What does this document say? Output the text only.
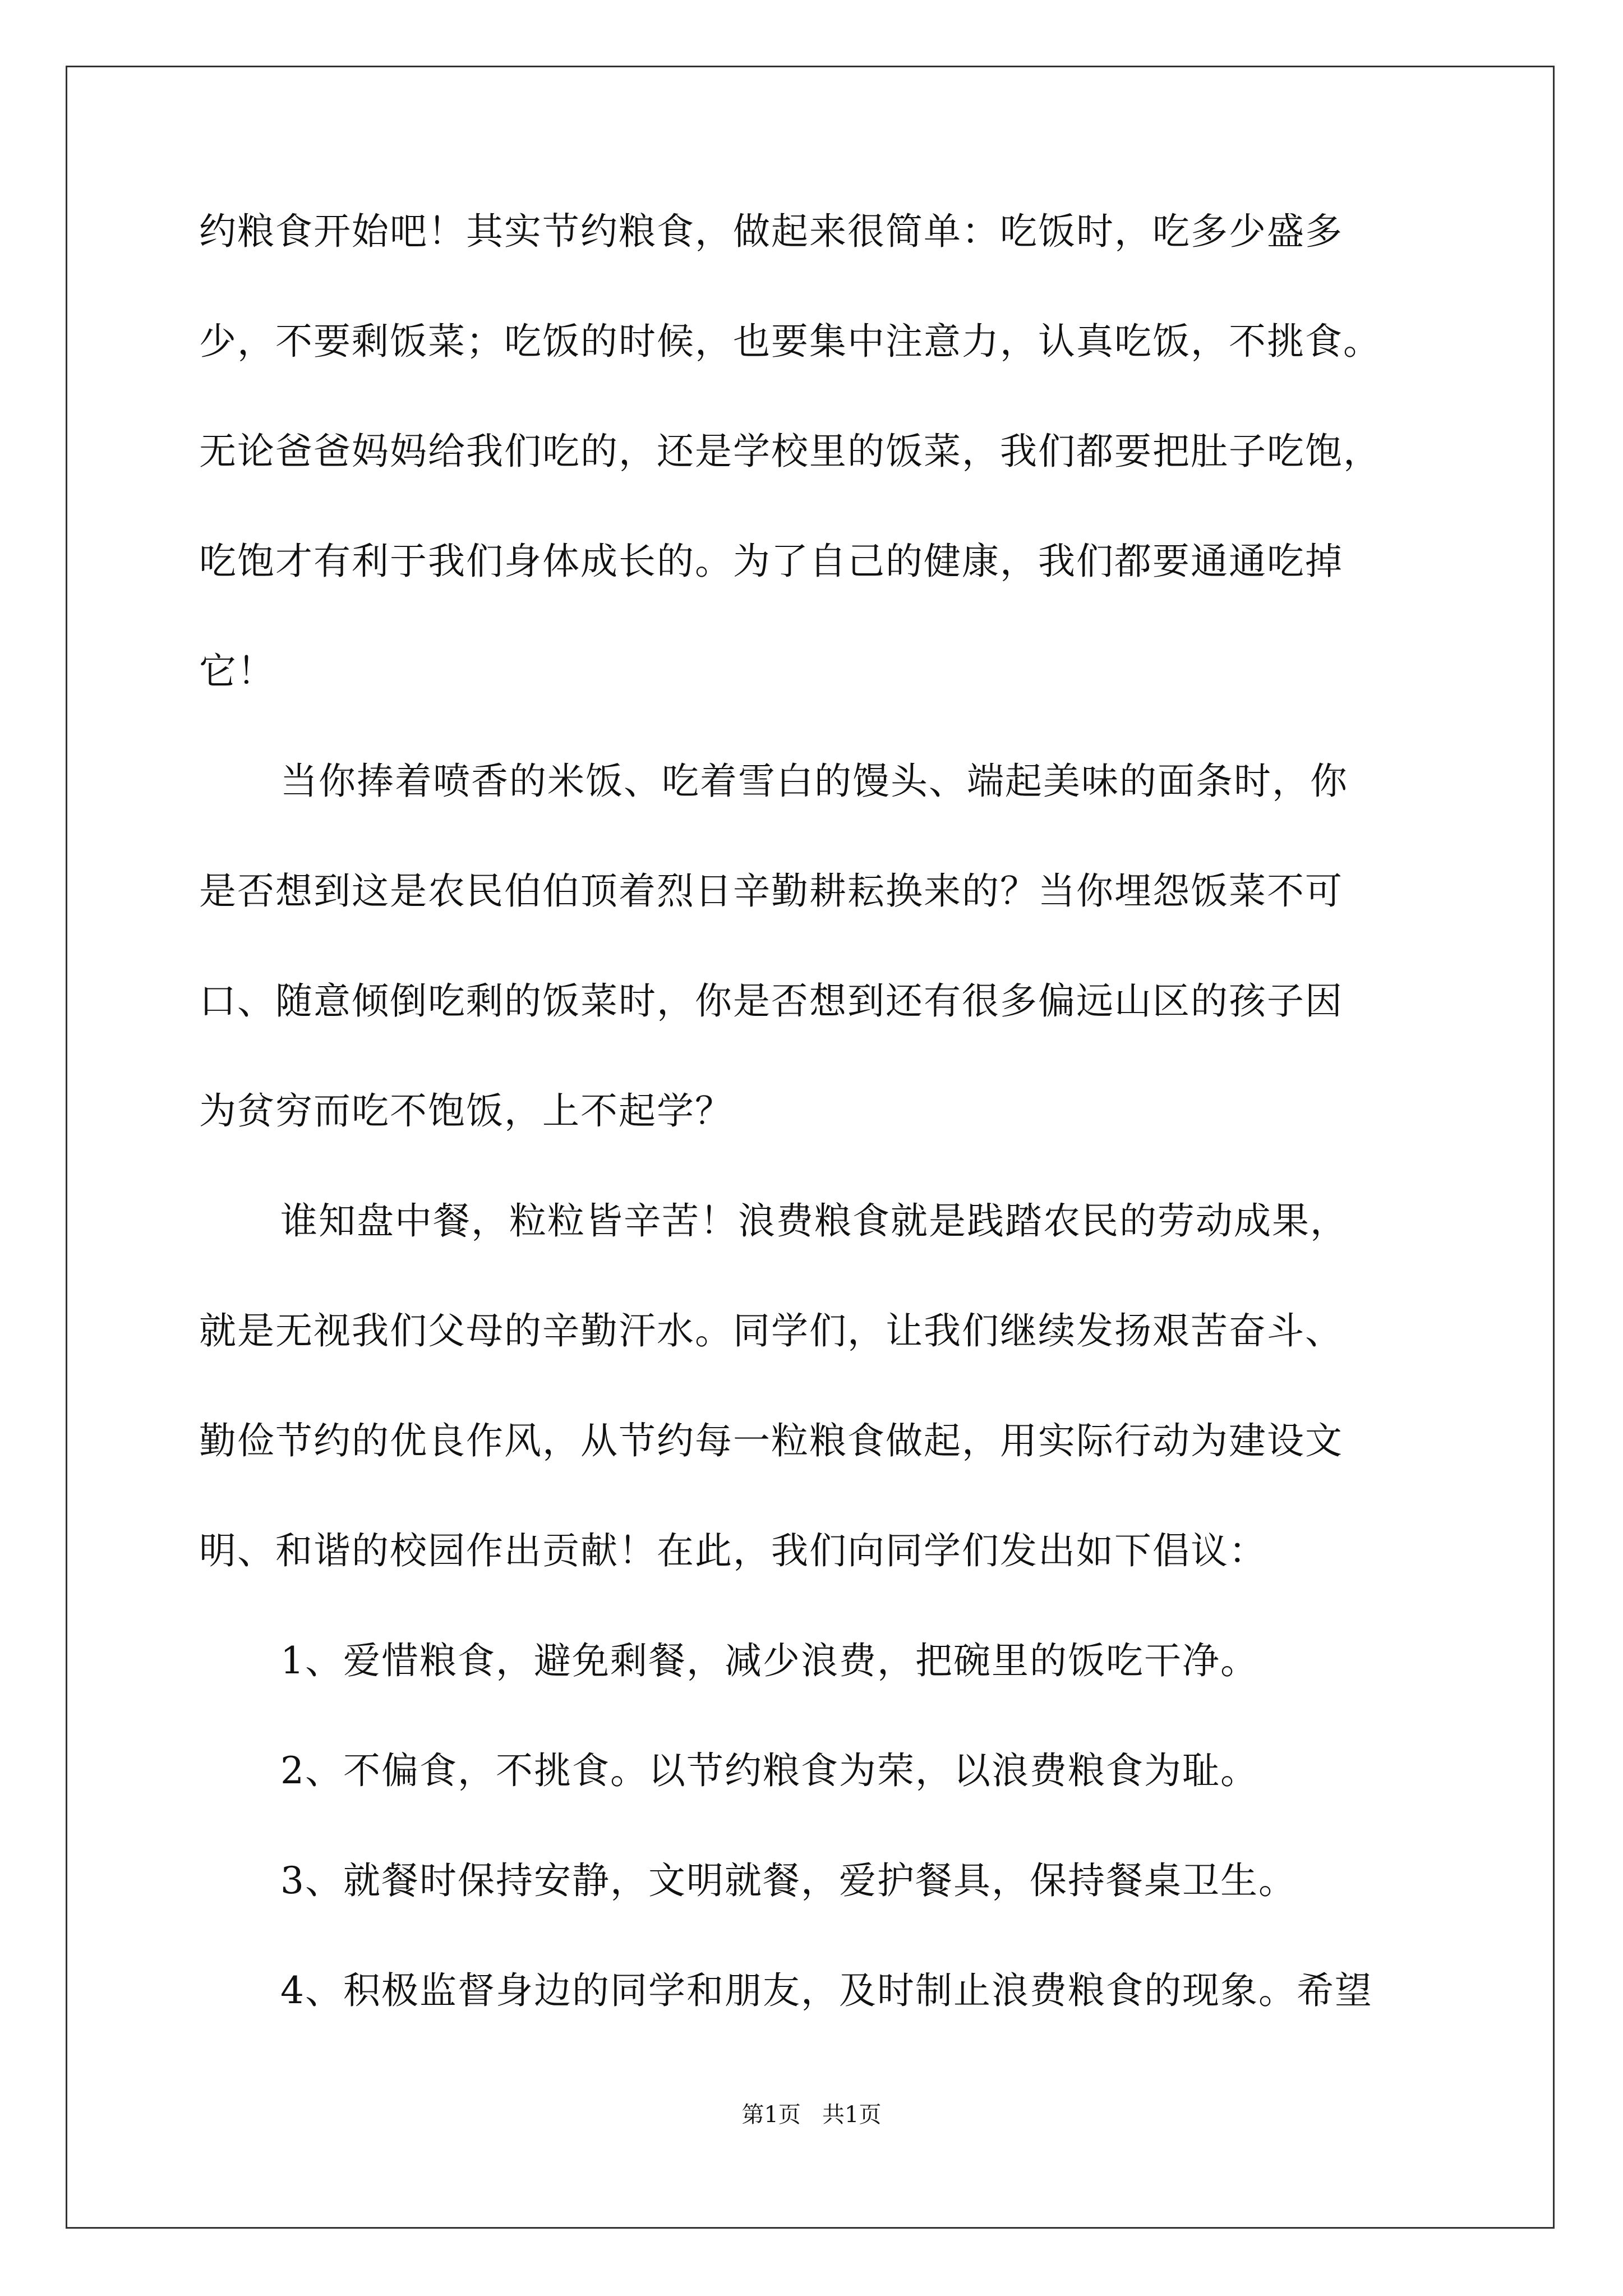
约粮食开始吧！其实节约粮食，做起来很简单：吃饭时，吃多少盛多
少，不要剩饭菜；吃饭的时候，也要集中注意力，认真吃饭，不挑食。
无论爸爸妈妈给我们吃的，还是学校里的饭菜，我们都要把肚子吃饱，
吃饱才有利于我们身体成长的。为了自己的健康，我们都要通通吃掉
它！
当你捧着喷香的米饭、吃着雪白的馒头、端起美味的面条时，你
是否想到这是农民伯伯顶着烈日辛勤耕耘换来的？当你埋怨饭菜不可
口、随意倾倒吃剩的饭菜时，你是否想到还有很多偏远山区的孩子因
为贫穷而吃不饱饭，上不起学？
谁知盘中餐，粒粒皆辛苦！浪费粮食就是践踏农民的劳动成果，
就是无视我们父母的辛勤汗水。同学们，让我们继续发扬艰苦奋斗、
勤俭节约的优良作风，从节约每一粒粮食做起，用实际行动为建设文
明、和谐的校园作出贡献！在此，我们向同学们发出如下倡议：
1、爱惜粮食，避免剩餐，减少浪费，把碗里的饭吃干净。
2、不偏食，不挑食。以节约粮食为荣，以浪费粮食为耻。
3、就餐时保持安静，文明就餐，爱护餐具，保持餐桌卫生。
4、积极监督身边的同学和朋友，及时制止浪费粮食的现象。希望
第1页   共1页
